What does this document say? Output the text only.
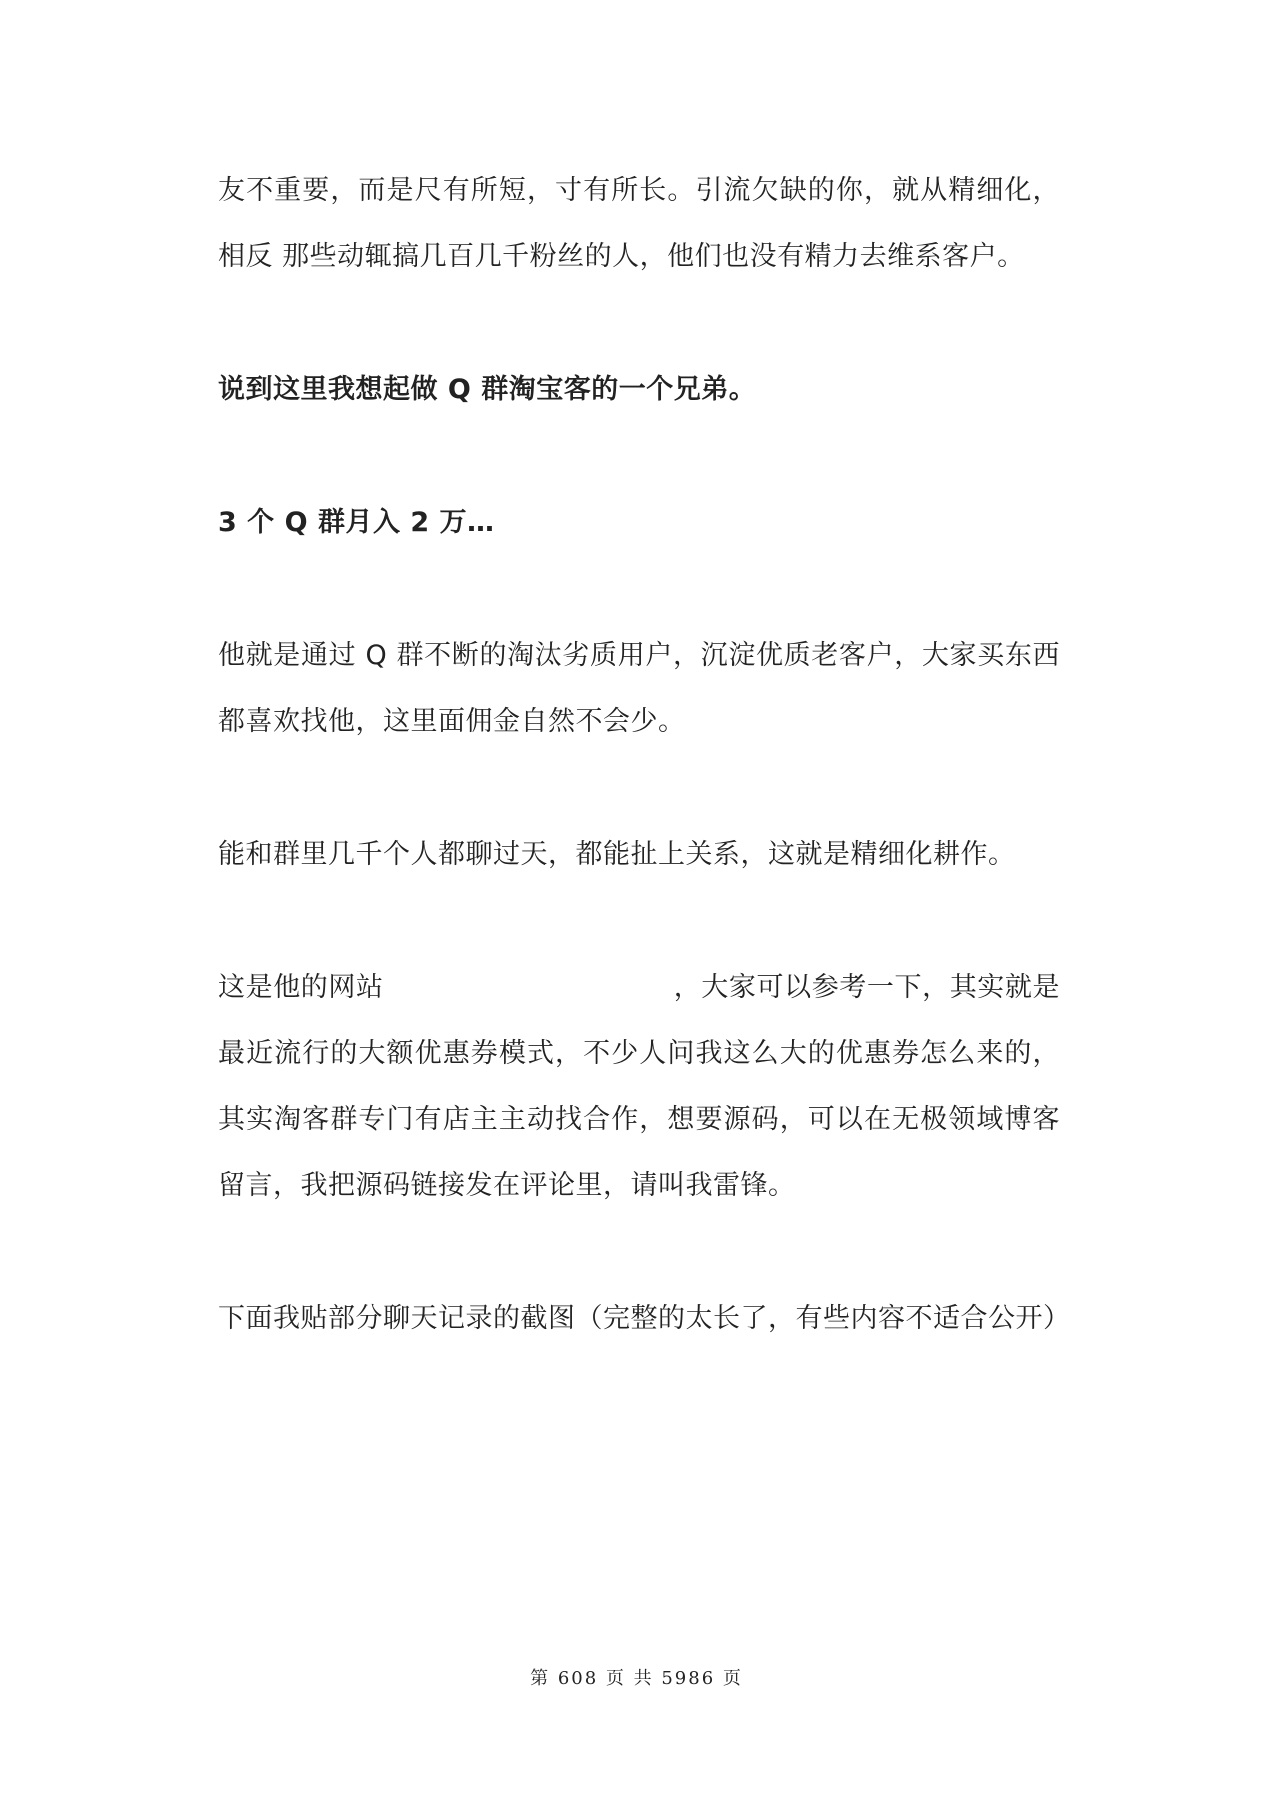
友不重要，而是尺有所短，寸有所长。引流欠缺的你，就从精细化，相反 那些动辄搞几百几千粉丝的人，他们也没有精力去维系客户。

说到这里我想起做 Q 群淘宝客的一个兄弟。

3 个 Q 群月入 2 万…

他就是通过 Q 群不断的淘汰劣质用户，沉淀优质老客户，大家买东西都喜欢找他，这里面佣金自然不会少。

能和群里几千个人都聊过天，都能扯上关系，这就是精细化耕作。

这是他的网站	，大家可以参考一下，其实就是最近流行的大额优惠券模式，不少人问我这么大的优惠券怎么来的，其实淘客群专门有店主主动找合作，想要源码，可以在无极领域博客留言，我把源码链接发在评论里，请叫我雷锋。

下面我贴部分聊天记录的截图（完整的太长了，有些内容不适合公开）

第 608 页 共 5986 页
